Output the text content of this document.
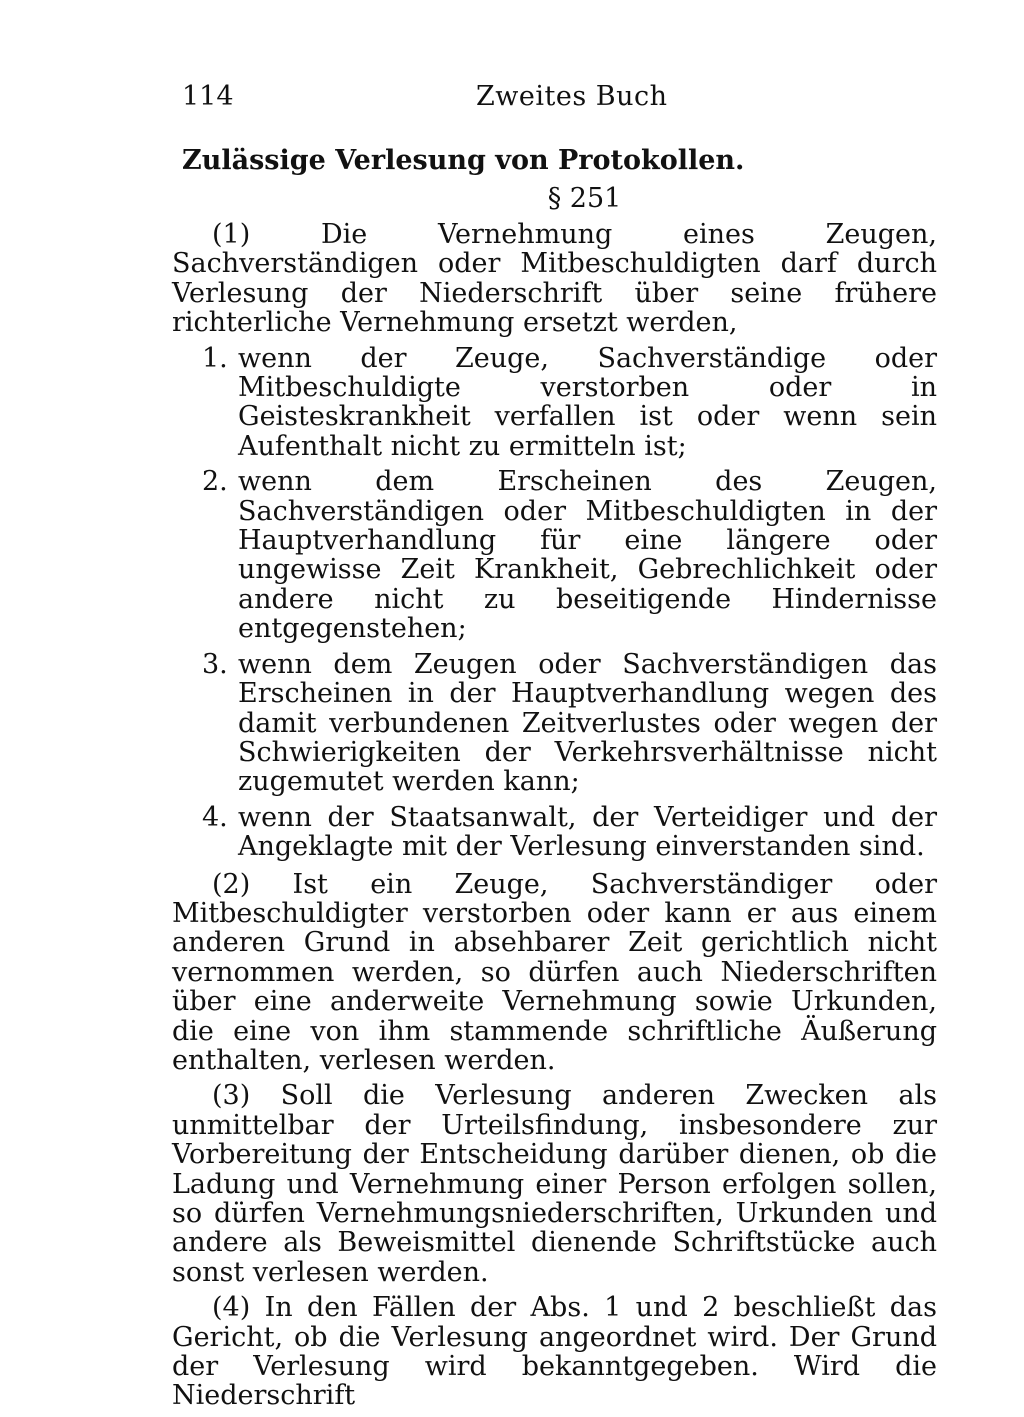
114	Zweites Buch
Zulässige Verlesung von Protokollen.
§ 251

(1) Die Vernehmung eines Zeugen, Sachverständigen oder Mitbeschuldigten darf durch Verlesung der Niederschrift über seine frühere richterliche Vernehmung ersetzt werden,

1. wenn der Zeuge, Sachverständige oder Mitbeschuldigte verstorben oder in Geisteskrankheit verfallen ist oder wenn sein Aufenthalt nicht zu ermitteln ist;
2. wenn dem Erscheinen des Zeugen, Sachverständigen oder Mitbeschuldigten in der Hauptverhandlung für eine längere oder ungewisse Zeit Krankheit, Gebrechlichkeit oder andere nicht zu beseitigende Hindernisse entgegenstehen;
3. wenn dem Zeugen oder Sachverständigen das Erscheinen in der Hauptverhandlung wegen des damit verbundenen Zeitverlustes oder wegen der Schwierigkeiten der Verkehrsverhältnisse nicht zugemutet werden kann;
4. wenn der Staatsanwalt, der Verteidiger und der Angeklagte mit der Verlesung einverstanden sind.

(2) Ist ein Zeuge, Sachverständiger oder Mitbeschuldigter verstorben oder kann er aus einem anderen Grund in absehbarer Zeit gerichtlich nicht vernommen werden, so dürfen auch Niederschriften über eine anderweite Vernehmung sowie Urkunden, die eine von ihm stammende schriftliche Äußerung enthalten, verlesen werden.

(3) Soll die Verlesung anderen Zwecken als unmittelbar der Urteilsfindung, insbesondere zur Vorbereitung der Entscheidung darüber dienen, ob die Ladung und Vernehmung einer Person erfolgen sollen, so dürfen Vernehmungsniederschriften, Urkunden und andere als Beweismittel dienende Schriftstücke auch sonst verlesen werden.

(4) In den Fällen der Abs. 1 und 2 beschließt das Gericht, ob die Verlesung angeordnet wird. Der Grund der Verlesung wird bekanntgegeben. Wird die Niederschrift
